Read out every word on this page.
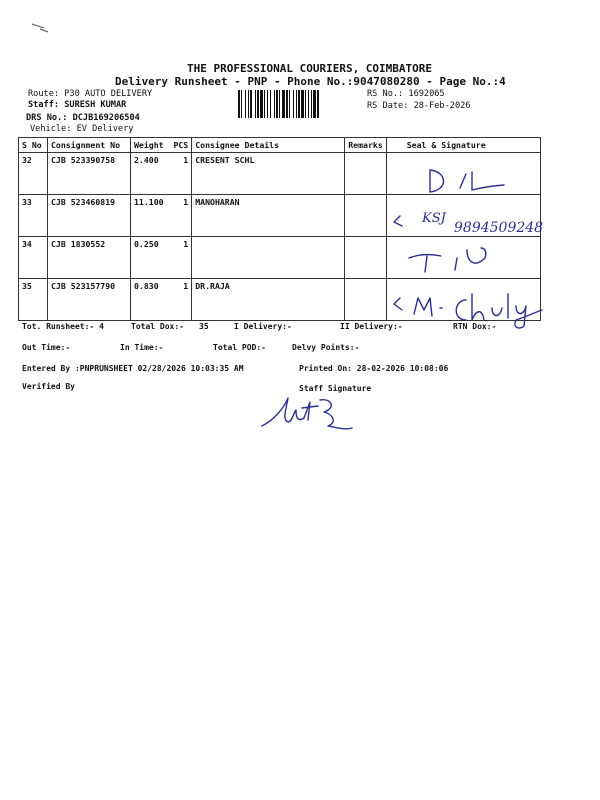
THE PROFESSIONAL COURIERS, COIMBATORE
Delivery Runsheet - PNP - Phone No.:9047080280 - Page No.:4
Route: P30 AUTO DELIVERY
Staff: SURESH KUMAR
DRS No.: DCJB169206504
Vehicle: EV Delivery
RS No.: 1692065
RS Date: 28-Feb-2026
S No	Consignment No	Weight PCS	Consignee Details	Remarks	Seal & Signature
32	CJB 523390758	2.400 1	CRESENT SCHL		
33	CJB 523460819	11.100 1	MANOHARAN		
34	CJB 1830552	0.250 1			

35	CJB 523157790	0.830 1	DR.RAJA		
KSJ
9894509248
Tot. Runsheet:- 4	Total Dox:- 35	I Delivery:-	II Delivery:-	RTN Dox:-
Out Time:-	In Time:-	Total POD:-	Delvy Points:-
Entered By :PNPRUNSHEET 02/28/2026 10:03:35 AM	Printed On: 28-02-2026 10:08:06
Verified By	Staff Signature
